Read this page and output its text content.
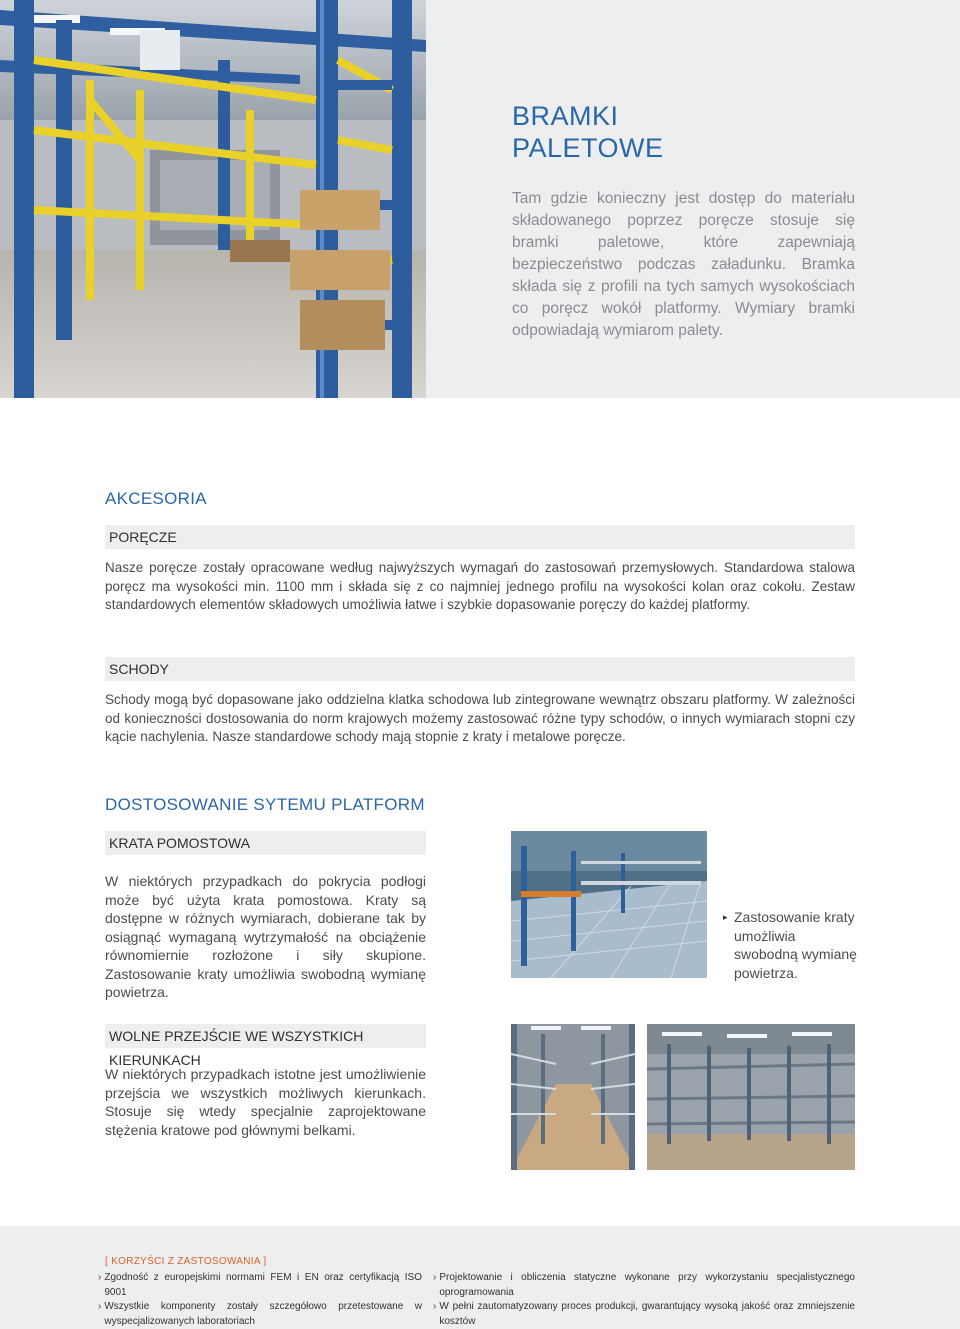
BRAMKI
PALETOWE
Tam gdzie konieczny jest dostęp do materiału składowanego poprzez poręcze stosuje się bramki paletowe, które zapewniają bezpieczeństwo podczas załadunku. Bramka składa się z profili na tych samych wysokościach co poręcz wokół platformy. Wymiary bramki odpowiadają wymiarom palety.
AKCESORIA
PORĘCZE
Nasze poręcze zostały opracowane według najwyższych wymagań do zastosowań przemysłowych. Standardowa stalowa poręcz ma wysokości min. 1100 mm i składa się z co najmniej jednego profilu na wysokości kolan oraz cokołu. Zestaw standardowych elementów składowych umożliwia łatwe i szybkie dopasowanie poręczy do każdej platformy.
SCHODY
Schody mogą być dopasowane jako oddzielna klatka schodowa lub zintegrowane wewnątrz obszaru platformy. W zależności od konieczności dostosowania do norm krajowych możemy zastosować różne typy schodów, o innych wymiarach stopni czy kącie nachylenia. Nasze standardowe schody mają stopnie z kraty i metalowe poręcze.
DOSTOSOWANIE SYTEMU PLATFORM
KRATA POMOSTOWA
W niektórych przypadkach do pokrycia podłogi może być użyta krata pomostowa. Kraty są dostępne w różnych wymiarach, dobierane tak by osiągnąć wymaganą wytrzymałość na obciążenie równomiernie rozłożone i siły skupione. Zastosowanie kraty umożliwia swobodną wymianę powietrza.
▸ Zastosowanie kraty umożliwia swobodną wymianę powietrza.
WOLNE PRZEJŚCIE WE WSZYSTKICH KIERUNKACH
W niektórych przypadkach istotne jest umożliwienie przejścia we wszystkich możliwych kierunkach. Stosuje się wtedy specjalnie zaprojektowane stężenia kratowe pod głównymi belkami.
[ KORZYŚCI Z ZASTOSOWANIA ]
› Zgodność z europejskimi normami FEM i EN oraz certyfikacją ISO 9001
› Wszystkie komponenty zostały szczegółowo przetestowane w wyspecjalizowanych laboratoriach
› Projektowanie i obliczenia statyczne wykonane przy wykorzystaniu specjalistycznego oprogramowania
› W pełni zautomatyzowany proces produkcji, gwarantujący wysoką jakość oraz zmniejszenie kosztów
